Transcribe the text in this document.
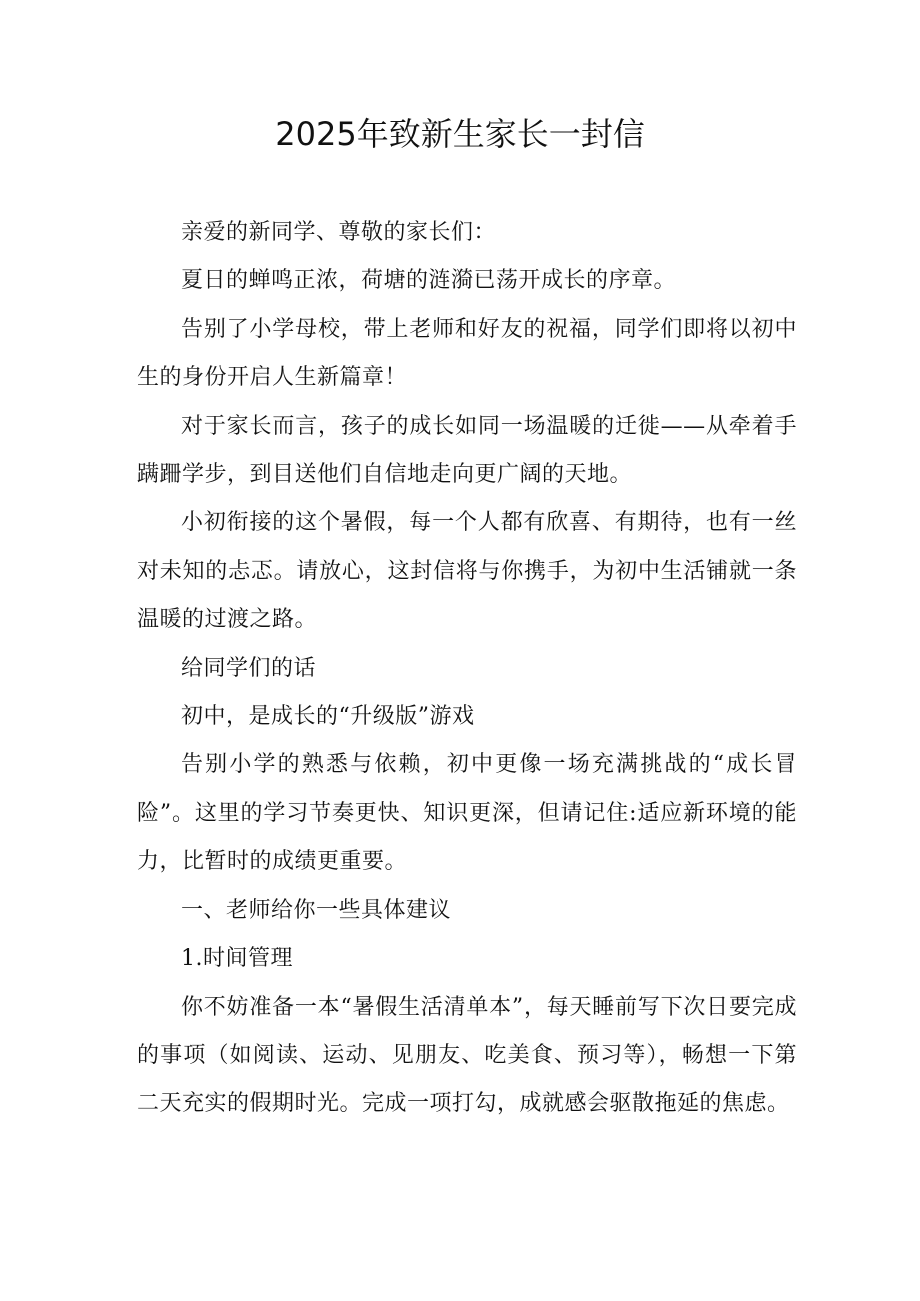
2025年致新生家长一封信

亲爱的新同学、尊敬的家长们：

夏日的蝉鸣正浓，荷塘的涟漪已荡开成长的序章。

告别了小学母校，带上老师和好友的祝福，同学们即将以初中生的身份开启人生新篇章！

对于家长而言，孩子的成长如同一场温暖的迁徙——从牵着手蹒跚学步，到目送他们自信地走向更广阔的天地。

小初衔接的这个暑假，每一个人都有欣喜、有期待，也有一丝对未知的忐忑。请放心，这封信将与你携手，为初中生活铺就一条温暖的过渡之路。

给同学们的话

初中，是成长的“升级版”游戏

告别小学的熟悉与依赖，初中更像一场充满挑战的“成长冒险”。这里的学习节奏更快、知识更深，但请记住:适应新环境的能力，比暂时的成绩更重要。

一、老师给你一些具体建议

1.时间管理

你不妨准备一本“暑假生活清单本”，每天睡前写下次日要完成的事项（如阅读、运动、见朋友、吃美食、预习等），畅想一下第二天充实的假期时光。完成一项打勾，成就感会驱散拖延的焦虑。
